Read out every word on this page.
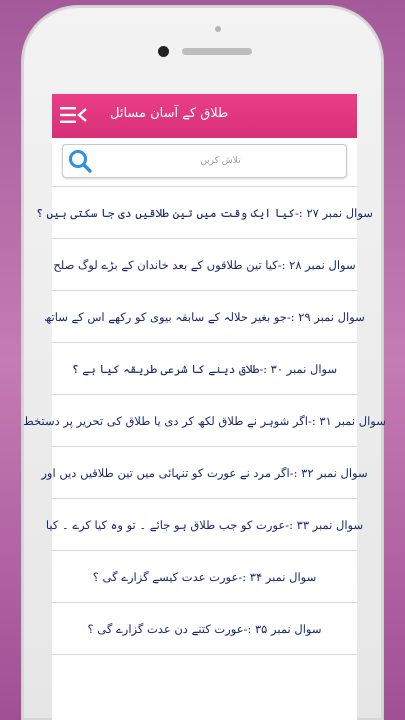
طلاق کے آسان مسائل
تلاش کریں
سوال نمبر ۲۷ :-کیا ایک وقت میں تین طلاقیں دی جا سکتی ہیں ؟
سوال نمبر ۲۸ :-کیا تین طلاقوں کے بعد خاندان کے بڑے لوگ صلح
سوال نمبر ۲۹ :-جو بغیر حلالہ کے سابقہ بیوی کو رکھے اس کے ساتھ
سوال نمبر ۳۰ :-طلاق دینے کا شرعی طریقہ کیا ہے ؟
سوال نمبر ۳۱ :-اگر شوہر نے طلاق لکھ کر دی یا طلاق کی تحریر پر دستخط
سوال نمبر ۳۲ :-اگر مرد نے عورت کو تنہائی میں تین طلاقیں دیں اور
سوال نمبر ۳۳ :-عورت کو جب طلاق ہو جائے ۔ تو وہ کیا کرے ۔ کیا
سوال نمبر ۳۴ :-عورت عدت کیسے گزارے گی ؟
سوال نمبر ۳۵ :-عورت کتنے دن عدت گزارے گی ؟
